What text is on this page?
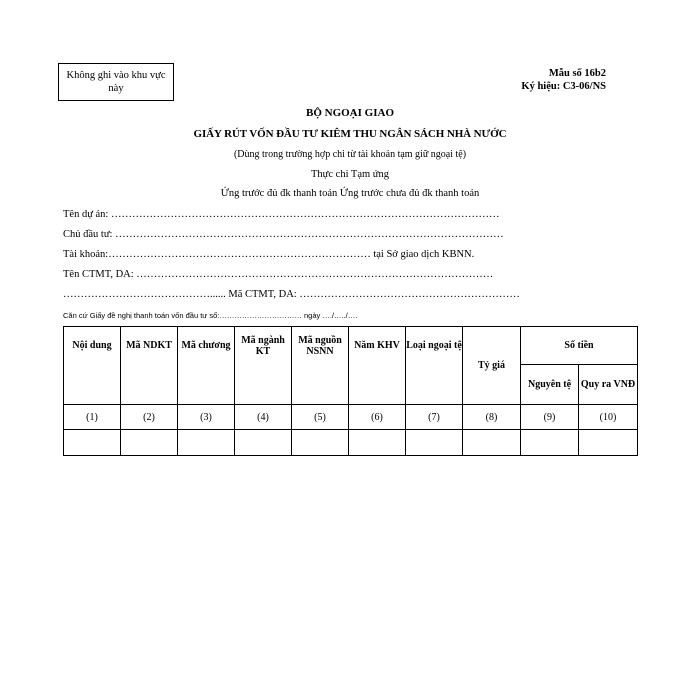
Không ghi vào khu vực này
Mẫu số 16b2
Ký hiệu: C3-06/NS
BỘ NGOẠI GIAO
GIẤY RÚT VỐN ĐẦU TƯ KIÊM THU NGÂN SÁCH NHÀ NƯỚC
(Dùng trong trường hợp chi từ tài khoản tạm giữ ngoại tệ)
Thực chi Tạm ứng
Ứng trước đủ đk thanh toán Ứng trước chưa đủ đk thanh toán
Tên dự án: …………………………………………………………………………………………………
Chủ đầu tư: …………………………………………………………………………………………………
Tài khoản:………………………………………………………………… tại Sở giao dịch KBNN.
Tên CTMT, DA: …………………………………………………………………………………………
……………………………………...... Mã CTMT, DA: ………………………………………………………
Căn cứ Giấy đề nghị thanh toán vốn đầu tư số:…………………………… ngày …./…../….
Nội dung	Mã NDKT	Mã chương	Mã ngành KT	Mã nguồn NSNN	Năm KHV	Loại ngoại tệ	Tỷ giá	Số tiền	
								Nguyên tệ	Quy ra VNĐ
(1)	(2)	(3)	(4)	(5)	(6)	(7)	(8)	(9)	(10)
